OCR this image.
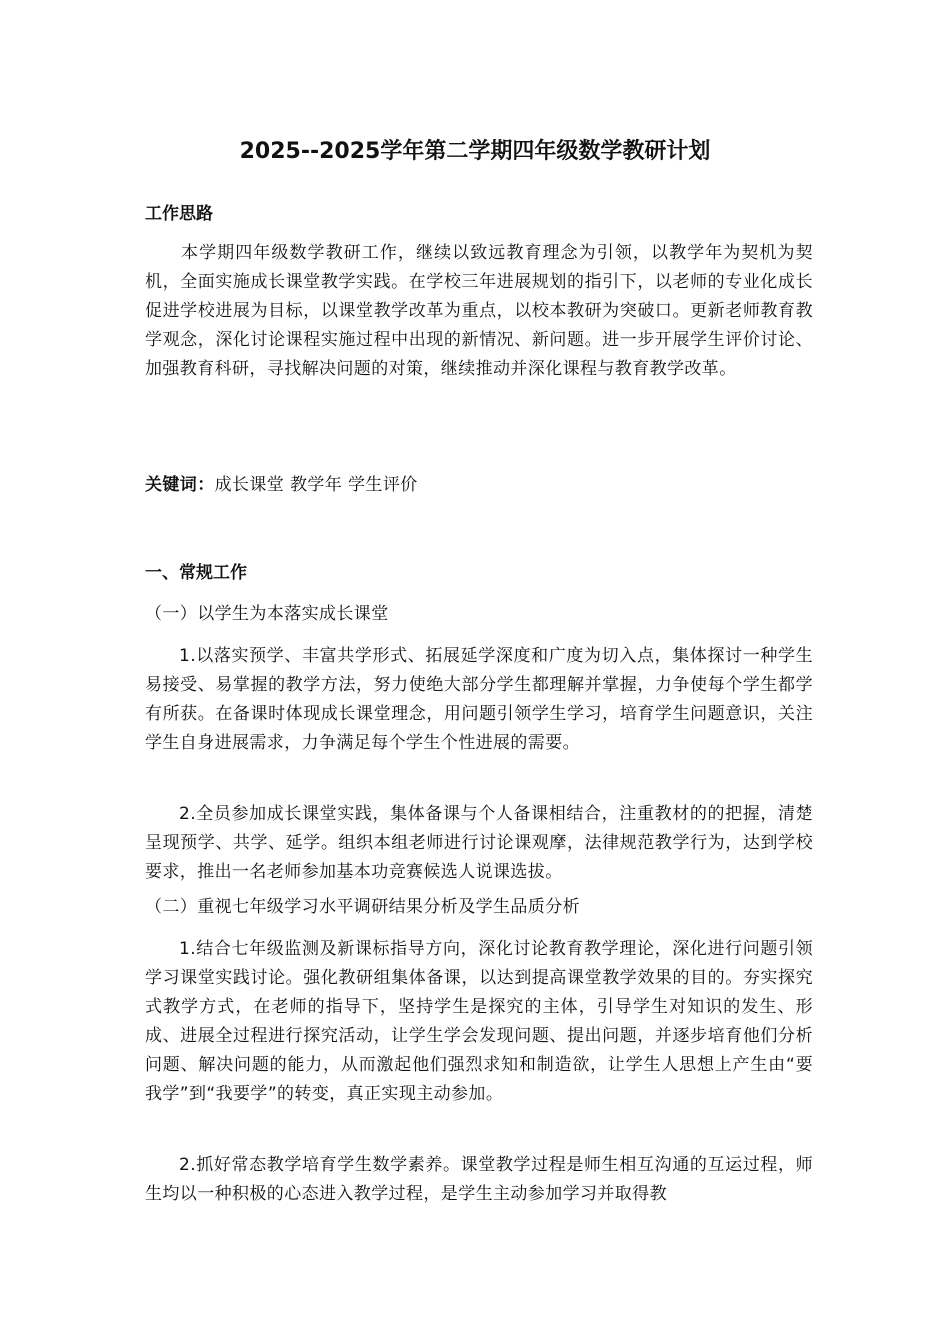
2025--2025学年第二学期四年级数学教研计划
工作思路
本学期四年级数学教研工作，继续以致远教育理念为引领，以教学年为契机为契机，全面实施成长课堂教学实践。在学校三年进展规划的指引下，以老师的专业化成长促进学校进展为目标，以课堂教学改革为重点，以校本教研为突破口。更新老师教育教学观念，深化讨论课程实施过程中出现的新情况、新问题。进一步开展学生评价讨论、加强教育科研，寻找解决问题的对策，继续推动并深化课程与教育教学改革。
关键词：成长课堂 教学年 学生评价
一、常规工作
（一）以学生为本落实成长课堂
1.以落实预学、丰富共学形式、拓展延学深度和广度为切入点，集体探讨一种学生易接受、易掌握的教学方法，努力使绝大部分学生都理解并掌握，力争使每个学生都学有所获。在备课时体现成长课堂理念，用问题引领学生学习，培育学生问题意识，关注学生自身进展需求，力争满足每个学生个性进展的需要。
2.全员参加成长课堂实践，集体备课与个人备课相结合，注重教材的的把握，清楚呈现预学、共学、延学。组织本组老师进行讨论课观摩，法律规范教学行为，达到学校要求，推出一名老师参加基本功竞赛候选人说课选拔。
（二）重视七年级学习水平调研结果分析及学生品质分析
1.结合七年级监测及新课标指导方向，深化讨论教育教学理论，深化进行问题引领学习课堂实践讨论。强化教研组集体备课，以达到提高课堂教学效果的目的。夯实探究式教学方式，在老师的指导下，坚持学生是探究的主体，引导学生对知识的发生、形成、进展全过程进行探究活动，让学生学会发现问题、提出问题，并逐步培育他们分析问题、解决问题的能力，从而激起他们强烈求知和制造欲，让学生人思想上产生由“要我学”到“我要学”的转变，真正实现主动参加。
2.抓好常态教学培育学生数学素养。课堂教学过程是师生相互沟通的互运过程，师生均以一种积极的心态进入教学过程，是学生主动参加学习并取得教
